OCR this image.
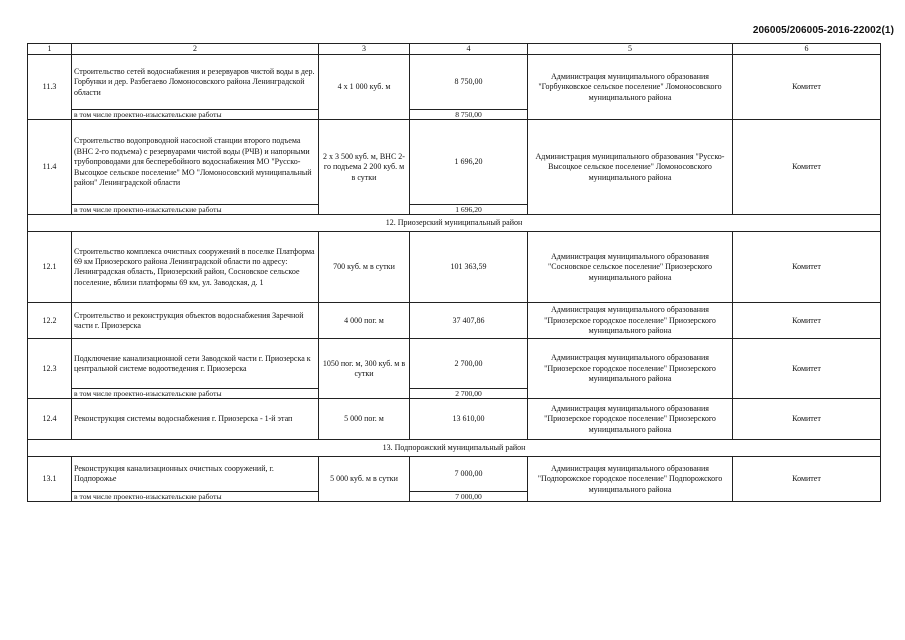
206005/206005-2016-22002(1)
1	2	3	4	5	6
11.3	Строительство сетей водоснабжения и резервуаров чистой воды в дер. Горбунки и дер. Разбегаево Ломоносовского района Ленинградской области	4 х 1 000 куб. м	8 750,00	Администрация муниципального образования "Горбунковское сельское поселение" Ломоносовского муниципального района	Комитет
	в том числе проектно-изыскательские работы		8 750,00		
11.4	Строительство водопроводной насосной станции второго подъема (ВНС 2-го подъема) с резервуарами чистой воды (РЧВ) и напорными трубопроводами для бесперебойного водоснабжения МО "Русско-Высоцкое сельское поселение" МО "Ломоносовский муниципальный район" Ленинградской области	2 х 3 500 куб. м, ВНС 2-го подъема 2 200 куб. м в сутки	1 696,20	Администрация муниципального образования "Русско-Высоцкое сельское поселение" Ломоносовского муниципального района	Комитет
	в том числе проектно-изыскательские работы		1 696,20		
12. Приозерский муниципальный район					
12.1	Строительство комплекса очистных сооружений в поселке Платформа 69 км Приозерского района Ленинградской области по адресу: Ленинградская область, Приозерский район, Сосновское сельское поселение, вблизи платформы 69 км, ул. Заводская, д. 1	700 куб. м в сутки	101 363,59	Администрация муниципального образования "Сосновское сельское поселение" Приозерского муниципального района	Комитет
12.2	Строительство и реконструкция объектов водоснабжения Заречной части г. Приозерска	4 000 пог. м	37 407,86	Администрация муниципального образования "Приозерское городское поселение" Приозерского муниципального района	Комитет
12.3	Подключение канализационной сети Заводской части г. Приозерска к центральной системе водоотведения г. Приозерска	1050 пог. м, 300 куб. м в сутки	2 700,00	Администрация муниципального образования "Приозерское городское поселение" Приозерского муниципального района	Комитет
	в том числе проектно-изыскательские работы		2 700,00		
12.4	Реконструкция системы водоснабжения г. Приозерска - 1-й этап	5 000 пог. м	13 610,00	Администрация муниципального образования "Приозерское городское поселение" Приозерского муниципального района	Комитет
13. Подпорожский муниципальный район					
13.1	Реконструкция канализационных очистных сооружений, г. Подпорожье	5 000 куб. м в сутки	7 000,00	Администрация муниципального образования "Подпорожское городское поселение" Подпорожского муниципального района	Комитет
	в том числе проектно-изыскательские работы		7 000,00		
